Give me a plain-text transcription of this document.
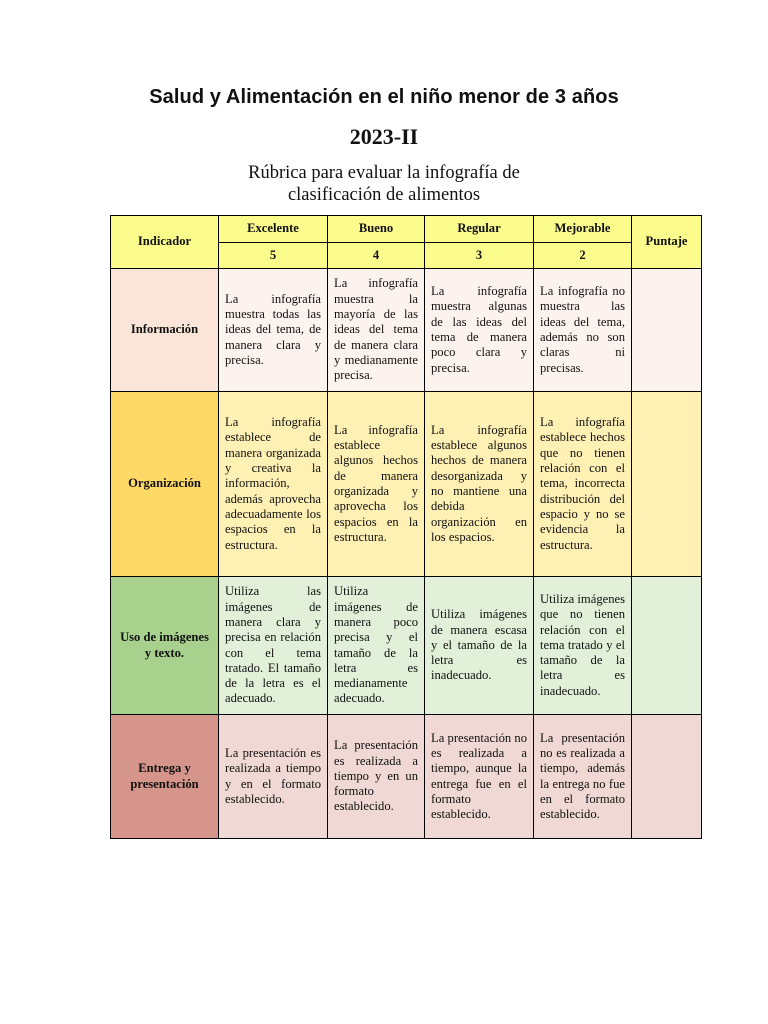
Salud y Alimentación en el niño menor de 3 años
2023-II
Rúbrica para evaluar la infografía de clasificación de alimentos
Indicador	Excelente	Bueno	Regular	Mejorable	Puntaje
	5	4	3	2	
Información	La infografía muestra todas las ideas del tema, de manera clara y precisa.	La infografía muestra la mayoría de las ideas del tema de manera clara y medianamente precisa.	La infografía muestra algunas de las ideas del tema de manera poco clara y precisa.	La infografía no muestra las ideas del tema, además no son claras ni precisas.	
Organización	La infografía establece de manera organizada y creativa la información, además aprovecha adecuadamente los espacios en la estructura.	La infografía establece algunos hechos de manera organizada y aprovecha los espacios en la estructura.	La infografía establece algunos hechos de manera desorganizada y no mantiene una debida organización en los espacios.	La infografía establece hechos que no tienen relación con el tema, incorrecta distribución del espacio y no se evidencia la estructura.	
Uso de imágenes y texto.	Utiliza las imágenes de manera clara y precisa en relación con el tema tratado. El tamaño de la letra es el adecuado.	Utiliza imágenes de manera poco precisa y el tamaño de la letra es medianamente adecuado.	Utiliza imágenes de manera escasa y el tamaño de la letra es inadecuado.	Utiliza imágenes que no tienen relación con el tema tratado y el tamaño de la letra es inadecuado.	
Entrega y presentación	La presentación es realizada a tiempo y en el formato establecido.	La presentación es realizada a tiempo y en un formato establecido.	La presentación no es realizada a tiempo, aunque la entrega fue en el formato establecido.	La presentación no es realizada a tiempo, además la entrega no fue en el formato establecido.	
